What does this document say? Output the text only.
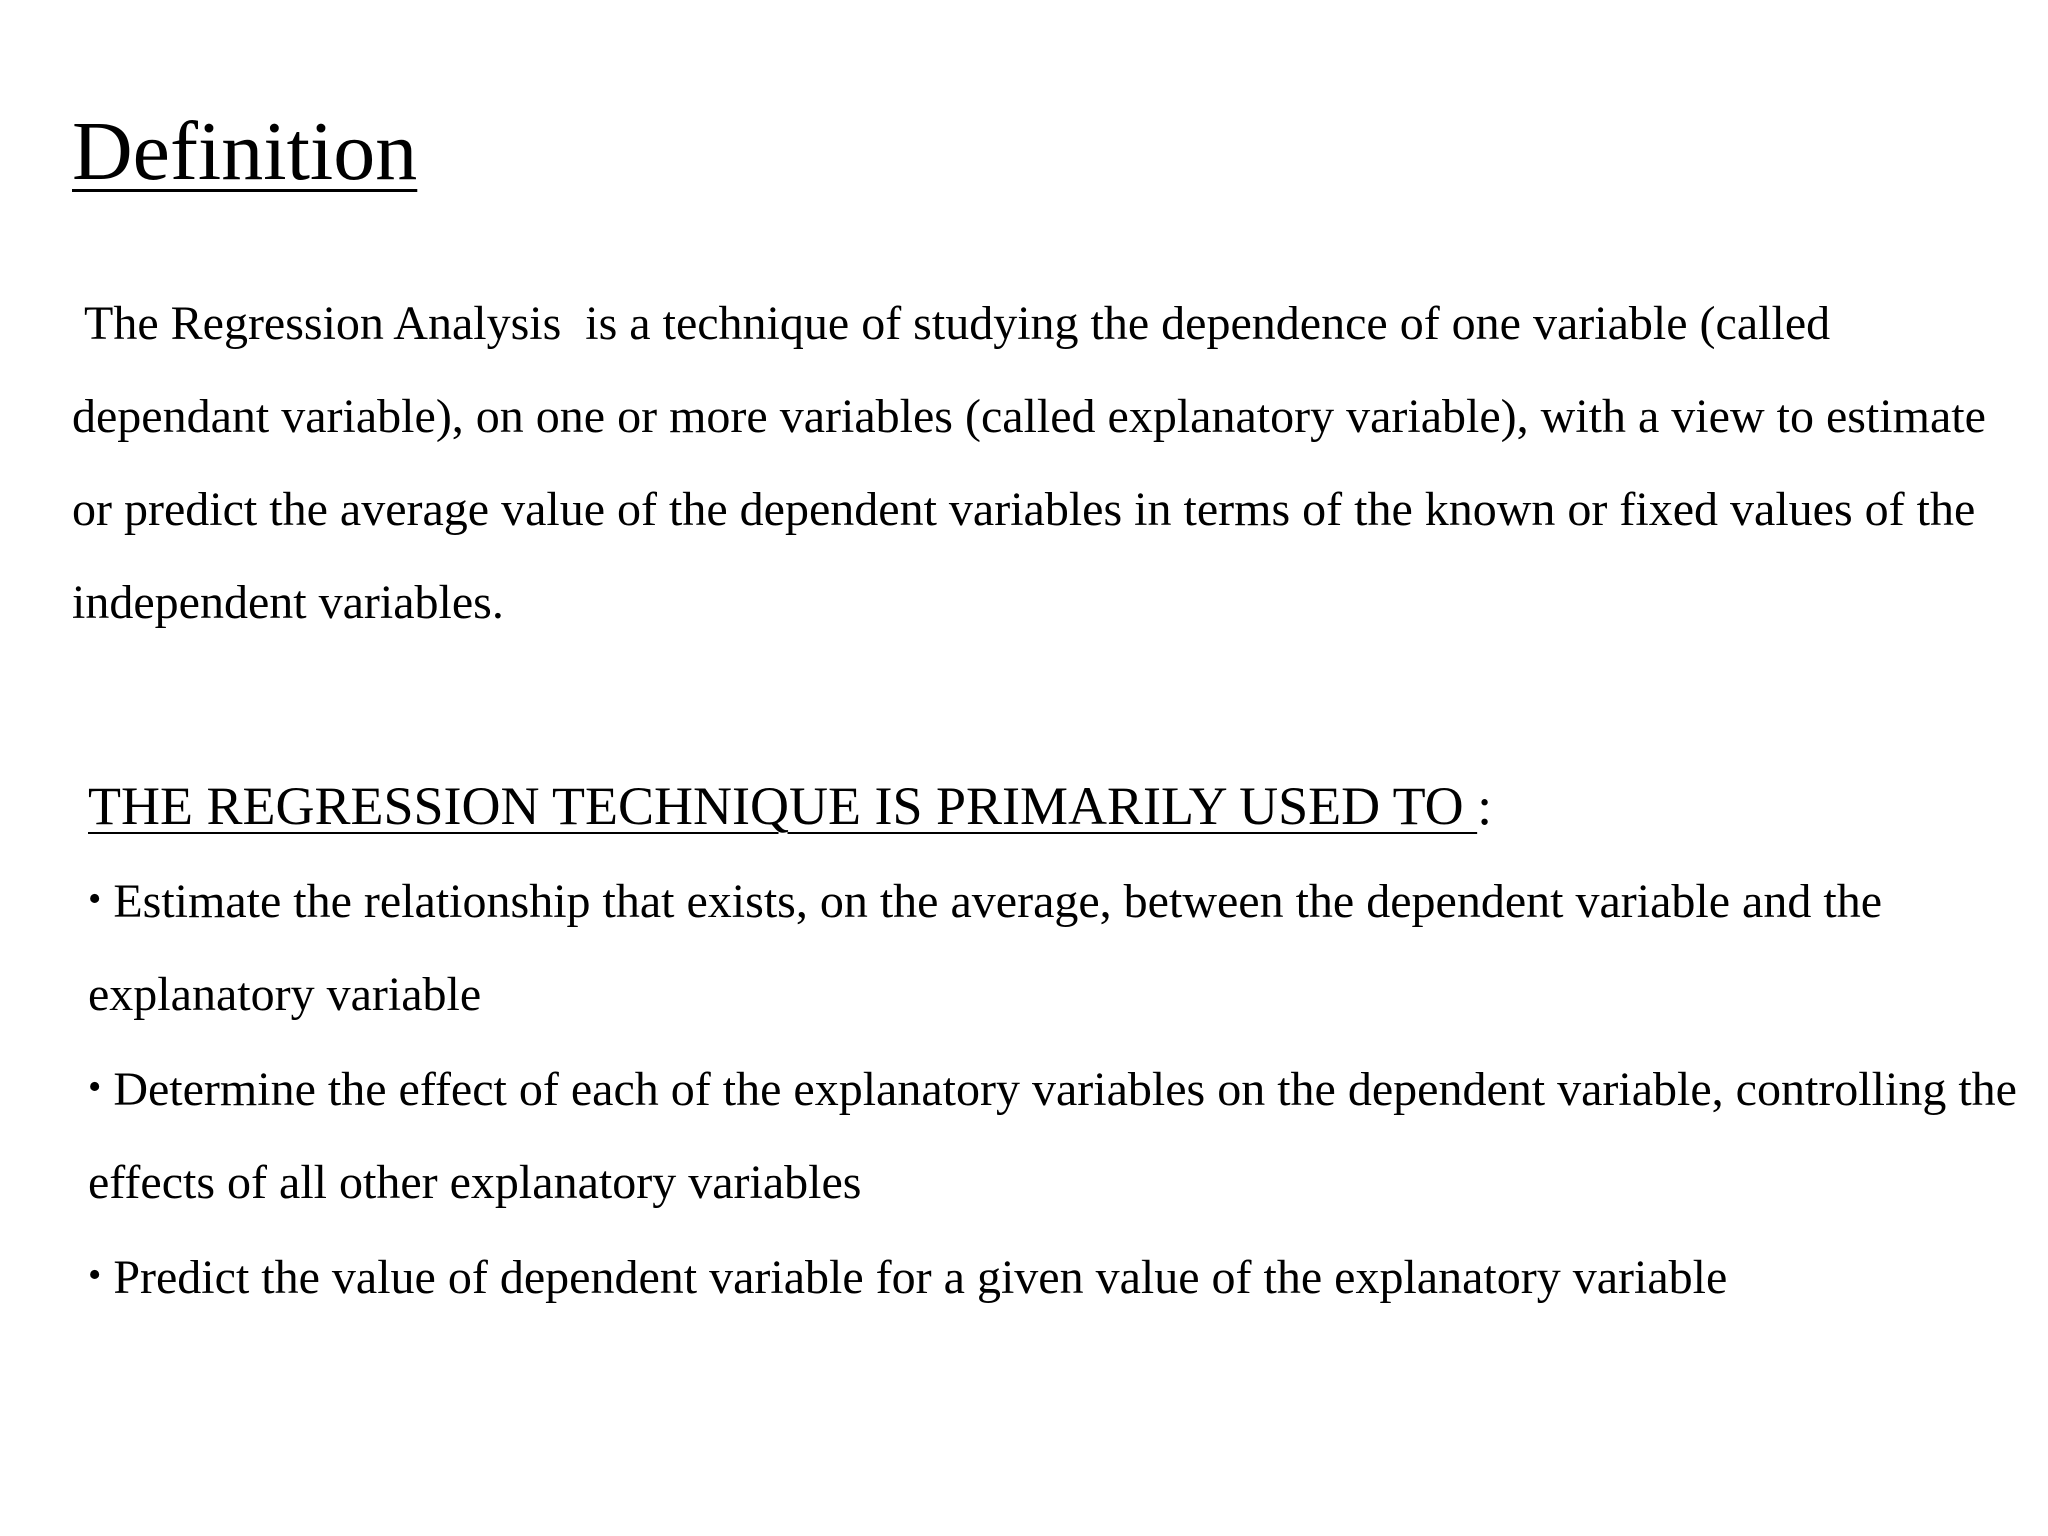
Definition

The Regression Analysis  is a technique of studying the dependence of one variable (called dependant variable), on one or more variables (called explanatory variable), with a view to estimate or predict the average value of the dependent variables in terms of the known or fixed values of the independent variables.

THE REGRESSION TECHNIQUE IS PRIMARILY USED TO :

• Estimate the relationship that exists, on the average, between the dependent variable and the explanatory variable
• Determine the effect of each of the explanatory variables on the dependent variable, controlling the effects of all other explanatory variables
• Predict the value of dependent variable for a given value of the explanatory variable
